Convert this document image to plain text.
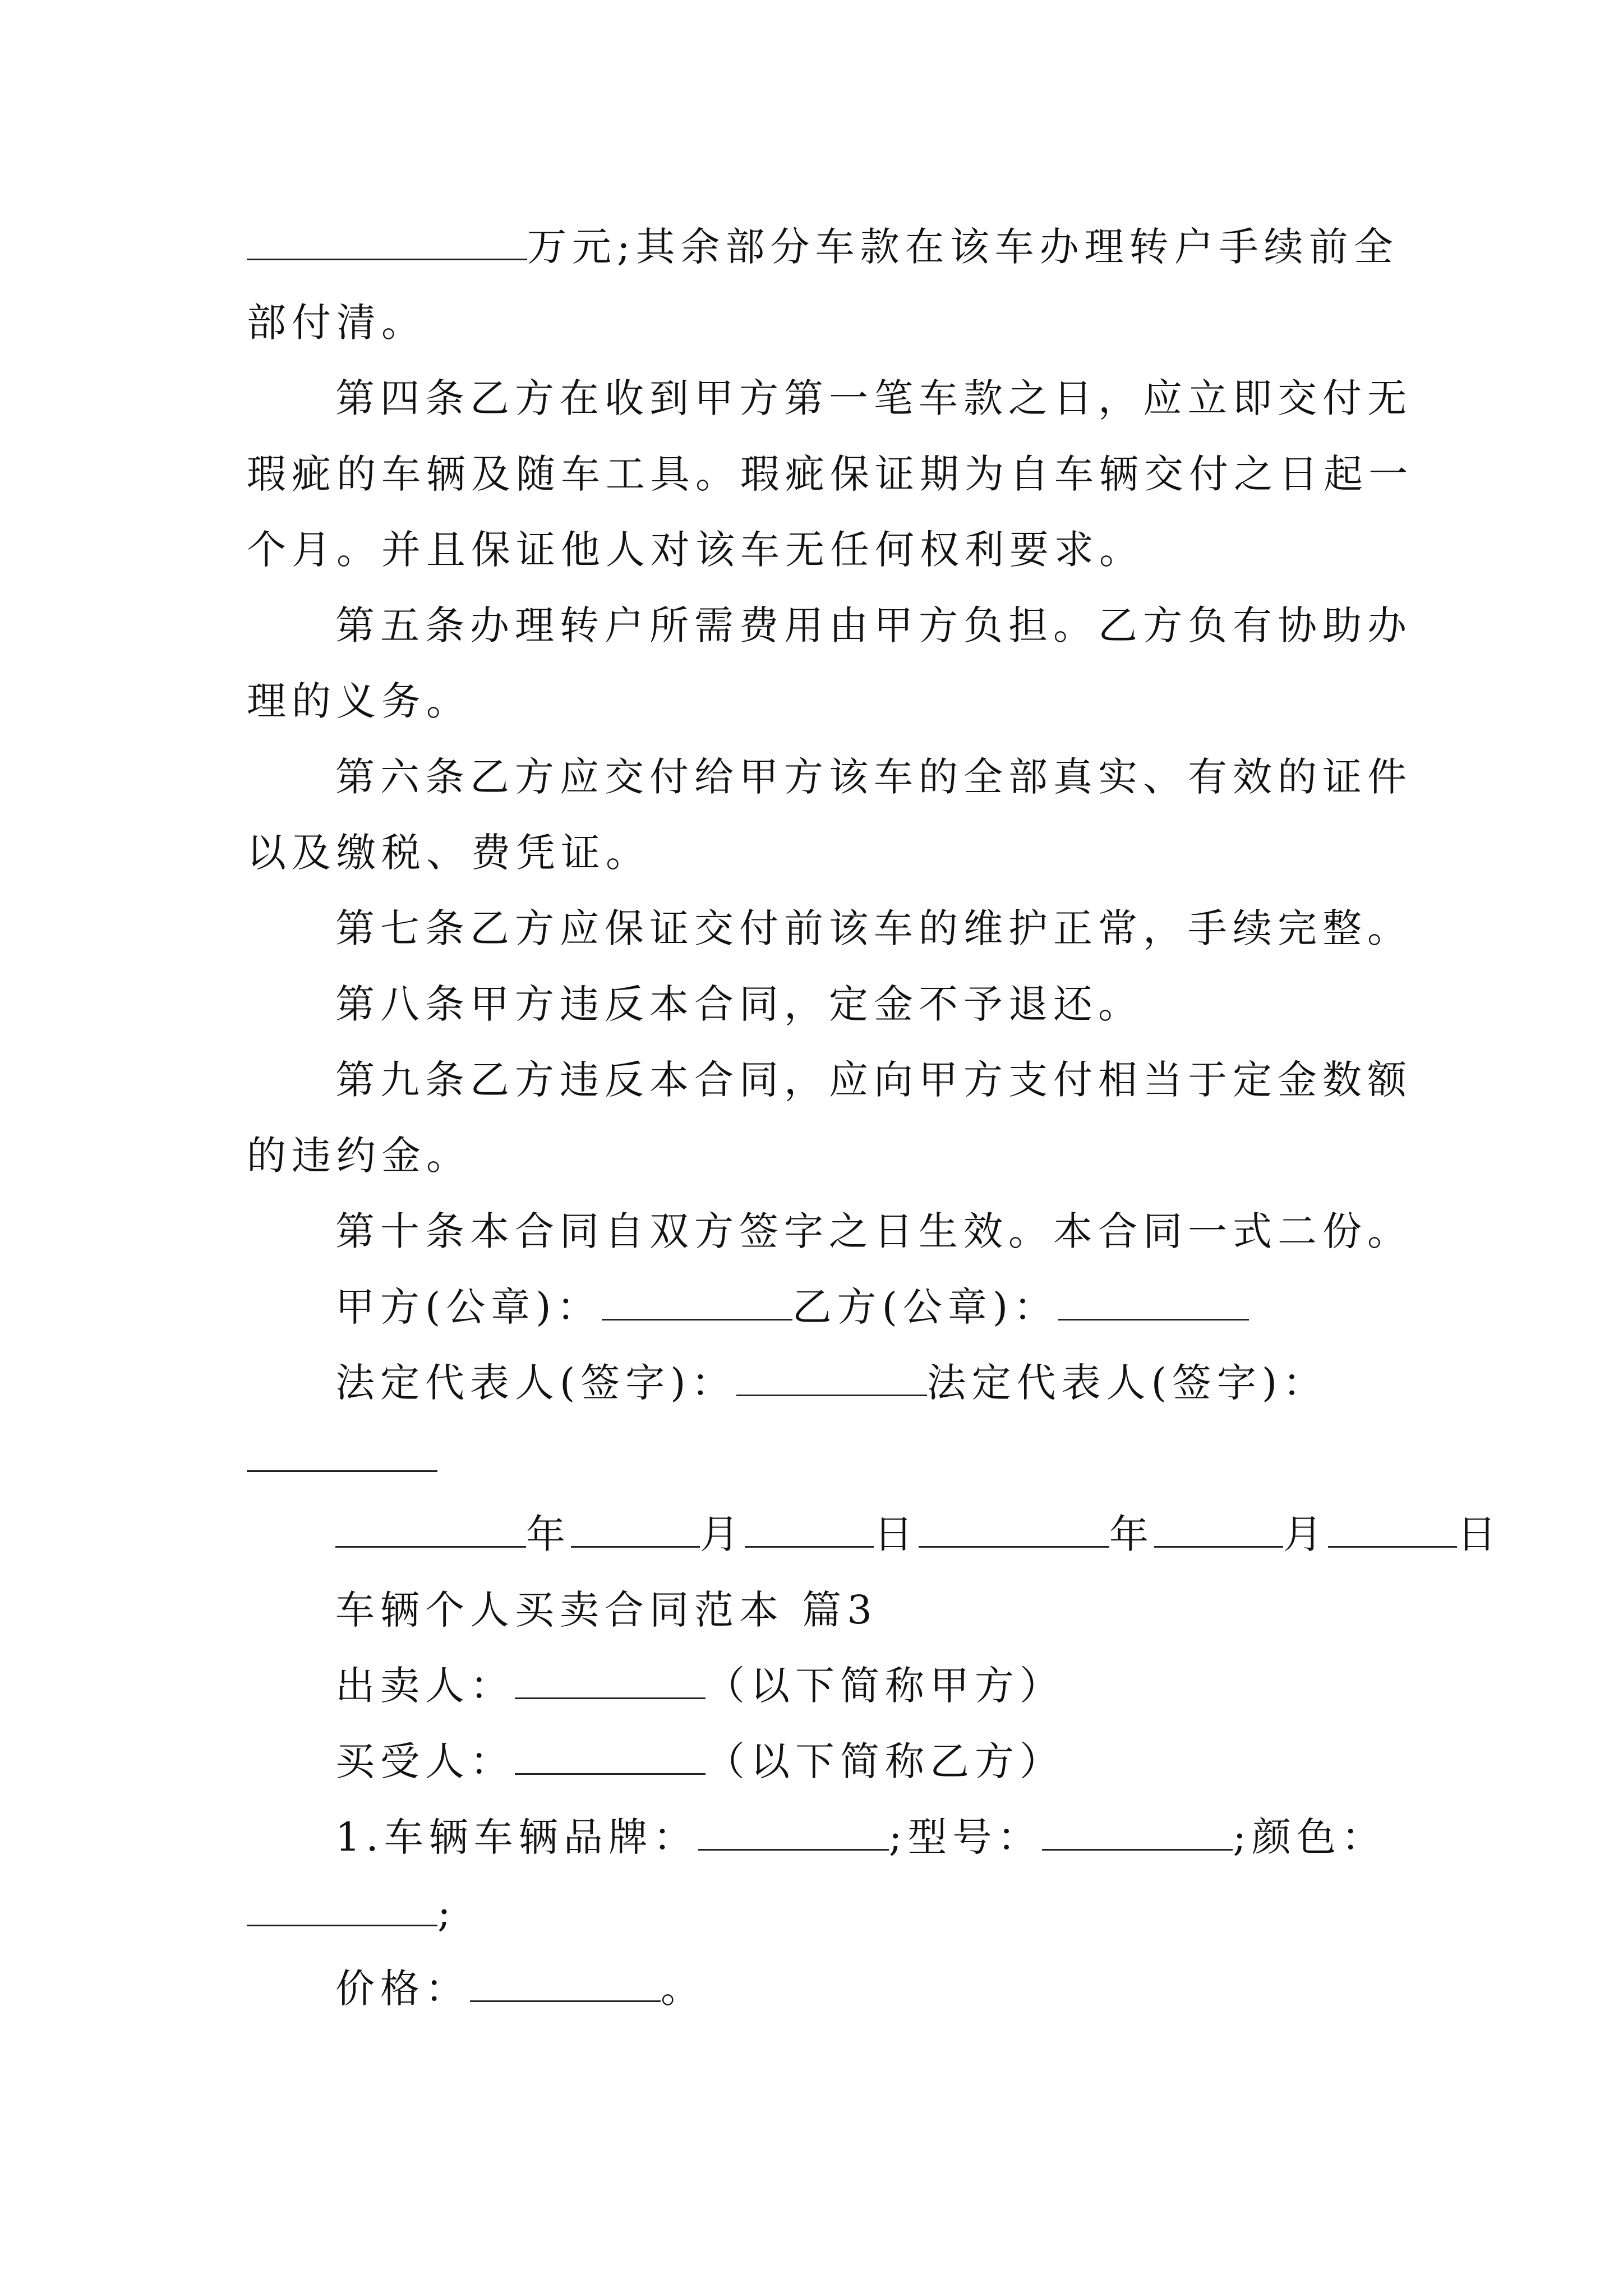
万元;其余部分车款在该车办理转户手续前全
部付清。
第四条乙方在收到甲方第一笔车款之日，应立即交付无
瑕疵的车辆及随车工具。瑕疵保证期为自车辆交付之日起一
个月。并且保证他人对该车无任何权利要求。
第五条办理转户所需费用由甲方负担。乙方负有协助办
理的义务。
第六条乙方应交付给甲方该车的全部真实、有效的证件
以及缴税、费凭证。
第七条乙方应保证交付前该车的维护正常，手续完整。
第八条甲方违反本合同，定金不予退还。
第九条乙方违反本合同，应向甲方支付相当于定金数额
的违约金。
第十条本合同自双方签字之日生效。本合同一式二份。
甲方(公章)：	乙方(公章)：
法定代表人(签字)：	法定代表人(签字)：
年	月	日	年	月	日
车辆个人买卖合同范本 篇3
出卖人：	（以下简称甲方）
买受人：	（以下简称乙方）
1.车辆车辆品牌：	;型号：	;颜色：
;
价格：	。
